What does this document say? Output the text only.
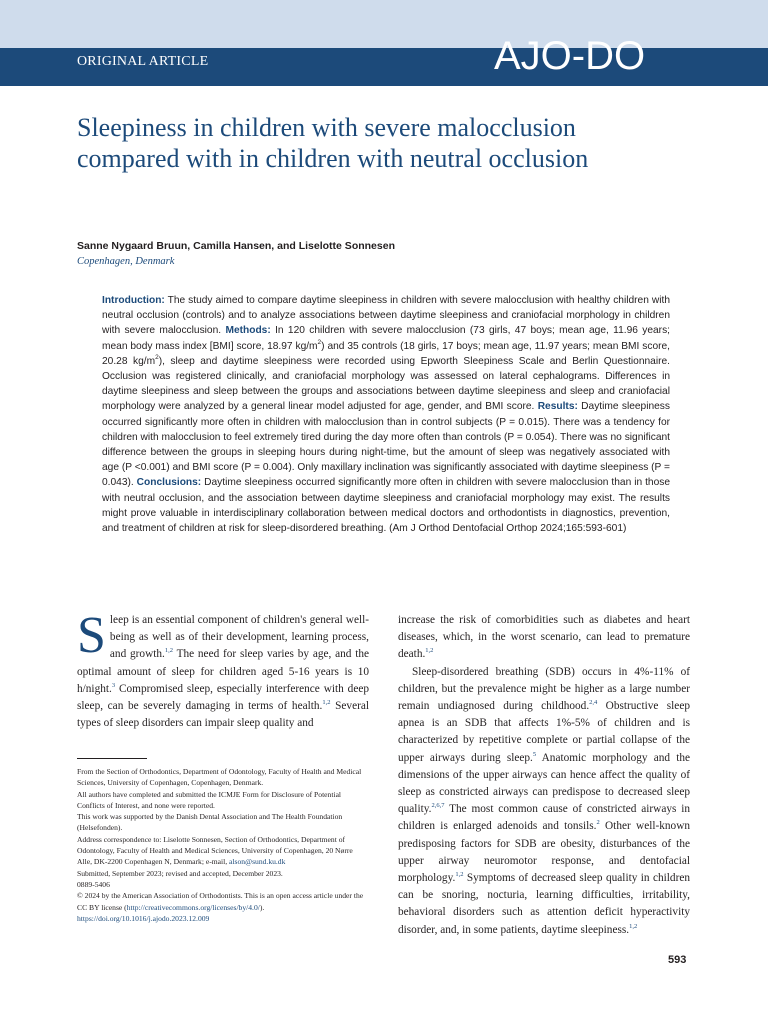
ORIGINAL ARTICLE	AJO-DO
Sleepiness in children with severe malocclusion compared with in children with neutral occlusion
Sanne Nygaard Bruun, Camilla Hansen, and Liselotte Sonnesen
Copenhagen, Denmark

Introduction: The study aimed to compare daytime sleepiness in children with severe malocclusion with healthy children with neutral occlusion (controls) and to analyze associations between daytime sleepiness and craniofacial morphology in children with severe malocclusion. Methods: In 120 children with severe malocclusion (73 girls, 47 boys; mean age, 11.96 years; mean body mass index [BMI] score, 18.97 $kg/m^2$) and 35 controls (18 girls, 17 boys; mean age, 11.97 years; mean BMI score, 20.28 $kg/m^2$), sleep and daytime sleepiness were recorded using Epworth Sleepiness Scale and Berlin Questionnaire. Occlusion was registered clinically, and craniofacial morphology was assessed on lateral cephalograms. Differences in daytime sleepiness and sleep between the groups and associations between daytime sleepiness and sleep and craniofacial morphology were analyzed by a general linear model adjusted for age, gender, and BMI score. Results: Daytime sleepiness occurred significantly more often in children with malocclusion than in control subjects (P = 0.015). There was a tendency for children with malocclusion to feel extremely tired during the day more often than controls (P = 0.054). There was no significant difference between the groups in sleeping hours during night-time, but the amount of sleep was negatively associated with age (P <0.001) and BMI score (P = 0.004). Only maxillary inclination was significantly associated with daytime sleepiness (P = 0.043). Conclusions: Daytime sleepiness occurred significantly more often in children with severe malocclusion than in those with neutral occlusion, and the association between daytime sleepiness and craniofacial morphology may exist. The results might prove valuable in interdisciplinary collaboration between medical doctors and orthodontists in diagnostics, prevention, and treatment of children at risk for sleep-disordered breathing. (Am J Orthod Dentofacial Orthop 2024;165:593-601)

Sleep is an essential component of children's general well-being as well as of their development, learning process, and growth.$^{1,2}$ The need for sleep varies by age, and the optimal amount of sleep for children aged 5-16 years is 10 h/night.$^3$ Compromised sleep, especially interference with deep sleep, can be severely damaging in terms of health.$^{1,2}$ Several types of sleep disorders can impair sleep quality and

From the Section of Orthodontics, Department of Odontology, Faculty of Health and Medical Sciences, University of Copenhagen, Copenhagen, Denmark.
All authors have completed and submitted the ICMJE Form for Disclosure of Potential Conflicts of Interest, and none were reported.
This work was supported by the Danish Dental Association and The Health Foundation (Helsefonden).
Address correspondence to: Liselotte Sonnesen, Section of Orthodontics, Department of Odontology, Faculty of Health and Medical Sciences, University of Copenhagen, 20 Nørre Alle, DK-2200 Copenhagen N, Denmark; e-mail, alson@sund.ku.dk
Submitted, September 2023; revised and accepted, December 2023.
0889-5406
© 2024 by the American Association of Orthodontists. This is an open access article under the CC BY license (http://creativecommons.org/licenses/by/4.0/).
https://doi.org/10.1016/j.ajodo.2023.12.009

increase the risk of comorbidities such as diabetes and heart diseases, which, in the worst scenario, can lead to premature death.$^{1,2}$

Sleep-disordered breathing (SDB) occurs in 4%-11% of children, but the prevalence might be higher as a large number remain undiagnosed during childhood.$^{2,4}$ Obstructive sleep apnea is an SDB that affects 1%-5% of children and is characterized by repetitive complete or partial collapse of the upper airways during sleep.$^5$ Anatomic morphology and the dimensions of the upper airways can hence affect the quality of sleep as constricted airways can predispose to decreased sleep quality.$^{2,6,7}$ The most common cause of constricted airways in children is enlarged adenoids and tonsils.$^2$ Other well-known predisposing factors for SDB are obesity, disturbances of the upper airway neuromotor response, and dentofacial morphology.$^{1,2}$ Symptoms of decreased sleep quality in children can be snoring, nocturia, learning difficulties, irritability, behavioral disorders such as attention deficit hyperactivity disorder, and, in some patients, daytime sleepiness.$^{1,2}$

593
